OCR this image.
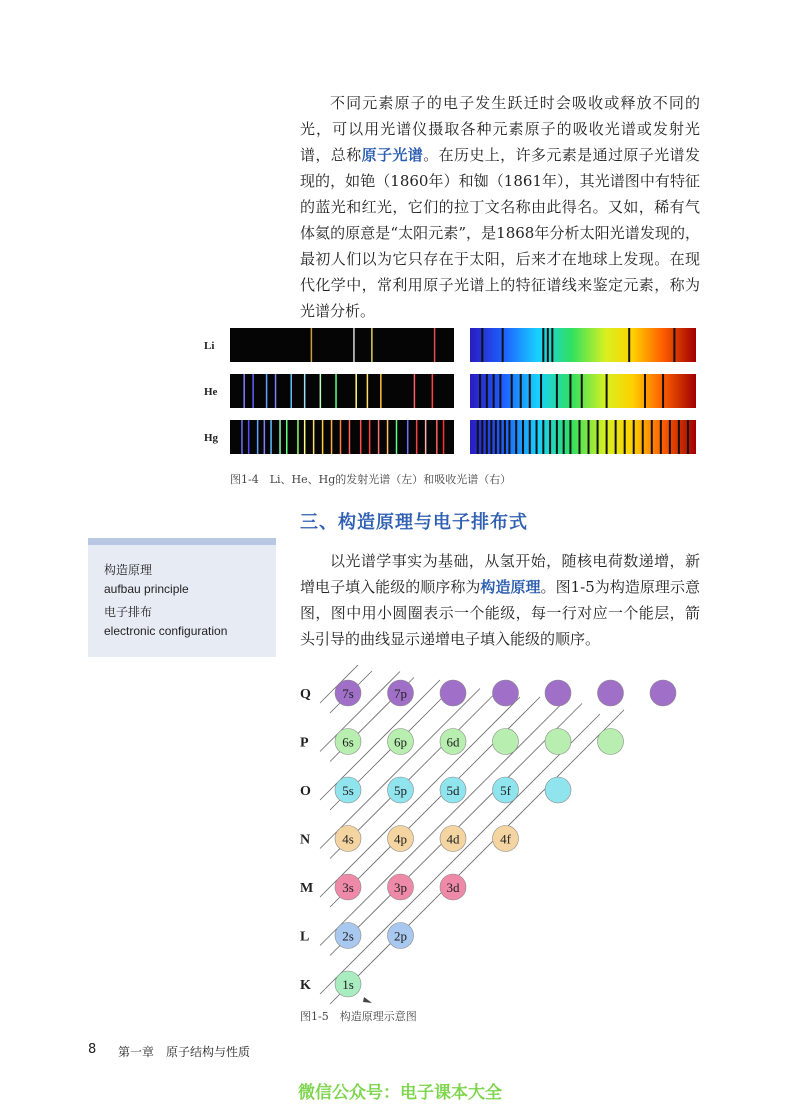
不同元素原子的电子发生跃迁时会吸收或释放不同的光，可以用光谱仪摄取各种元素原子的吸收光谱或发射光谱，总称原子光谱。在历史上，许多元素是通过原子光谱发现的，如铯（1860年）和铷（1861年），其光谱图中有特征的蓝光和红光，它们的拉丁文名称由此得名。又如，稀有气体氦的原意是“太阳元素”，是1868年分析太阳光谱发现的，最初人们以为它只存在于太阳，后来才在地球上发现。在现代化学中，常利用原子光谱上的特征谱线来鉴定元素，称为光谱分析。
Li
He
Hg
图1-4　Li、He、Hg的发射光谱（左）和吸收光谱（右）
三、构造原理与电子排布式
构造原理
aufbau principle
电子排布
electronic configuration
以光谱学事实为基础，从氢开始，随核电荷数递增，新增电子填入能级的顺序称为构造原理。图1-5为构造原理示意图，图中用小圆圈表示一个能级，每一行对应一个能层，箭头引导的曲线显示递增电子填入能级的顺序。
Q 7s	7p
P	6s	6p	6d
O 5s	5p	5d	5f
N 4s	4p	4d	4f
M 3s	3p	3d
L	2s	2p
K 1s
图1-5　构造原理示意图
8 第一章　原子结构与性质
微信公众号：电子课本大全
